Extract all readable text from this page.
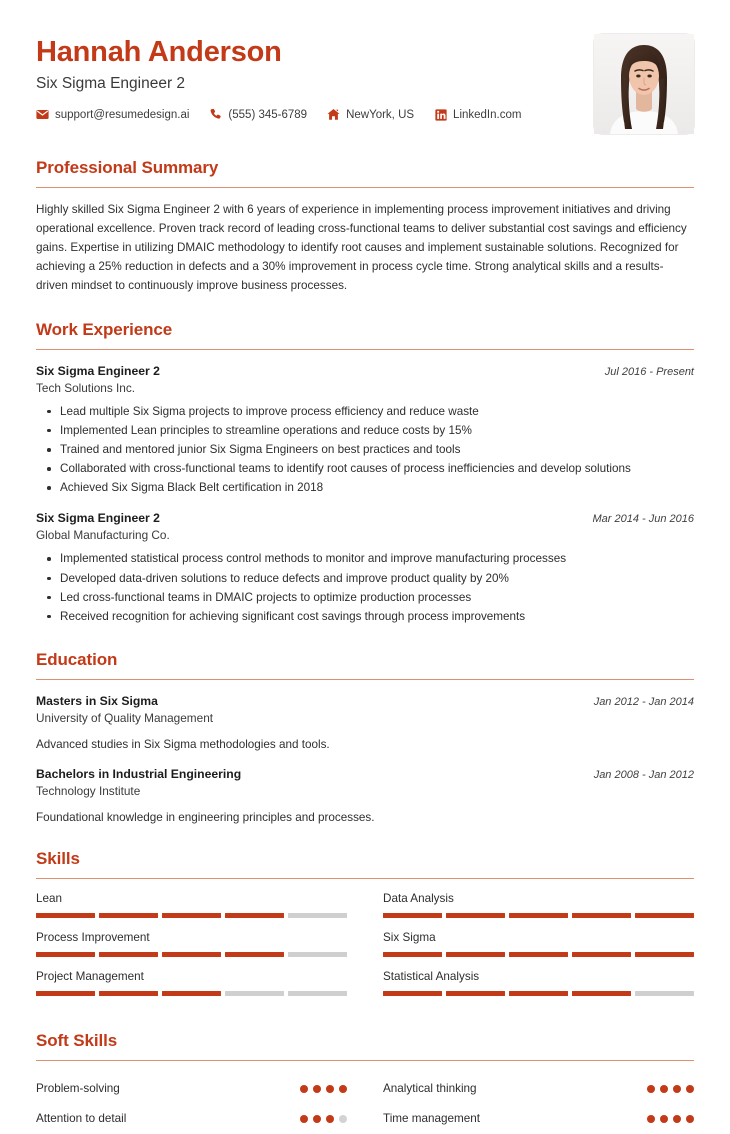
Hannah Anderson
Six Sigma Engineer 2
support@resumedesign.ai	(555) 345-6789	NewYork, US	LinkedIn.com
Professional Summary
Highly skilled Six Sigma Engineer 2 with 6 years of experience in implementing process improvement initiatives and driving operational excellence. Proven track record of leading cross-functional teams to deliver substantial cost savings and efficiency gains. Expertise in utilizing DMAIC methodology to identify root causes and implement sustainable solutions. Recognized for achieving a 25% reduction in defects and a 30% improvement in process cycle time. Strong analytical skills and a results-driven mindset to continuously improve business processes.
Work Experience
Six Sigma Engineer 2	Jul 2016 - Present
Tech Solutions Inc.
Lead multiple Six Sigma projects to improve process efficiency and reduce waste
Implemented Lean principles to streamline operations and reduce costs by 15%
Trained and mentored junior Six Sigma Engineers on best practices and tools
Collaborated with cross-functional teams to identify root causes of process inefficiencies and develop solutions
Achieved Six Sigma Black Belt certification in 2018
Six Sigma Engineer 2	Mar 2014 - Jun 2016
Global Manufacturing Co.
Implemented statistical process control methods to monitor and improve manufacturing processes
Developed data-driven solutions to reduce defects and improve product quality by 20%
Led cross-functional teams in DMAIC projects to optimize production processes
Received recognition for achieving significant cost savings through process improvements
Education
Masters in Six Sigma	Jan 2012 - Jan 2014
University of Quality Management
Advanced studies in Six Sigma methodologies and tools.
Bachelors in Industrial Engineering	Jan 2008 - Jan 2012
Technology Institute
Foundational knowledge in engineering principles and processes.
Skills
Lean	Data Analysis
Process Improvement	Six Sigma
Project Management	Statistical Analysis
Soft Skills
Problem-solving	Analytical thinking
Attention to detail	Time management
